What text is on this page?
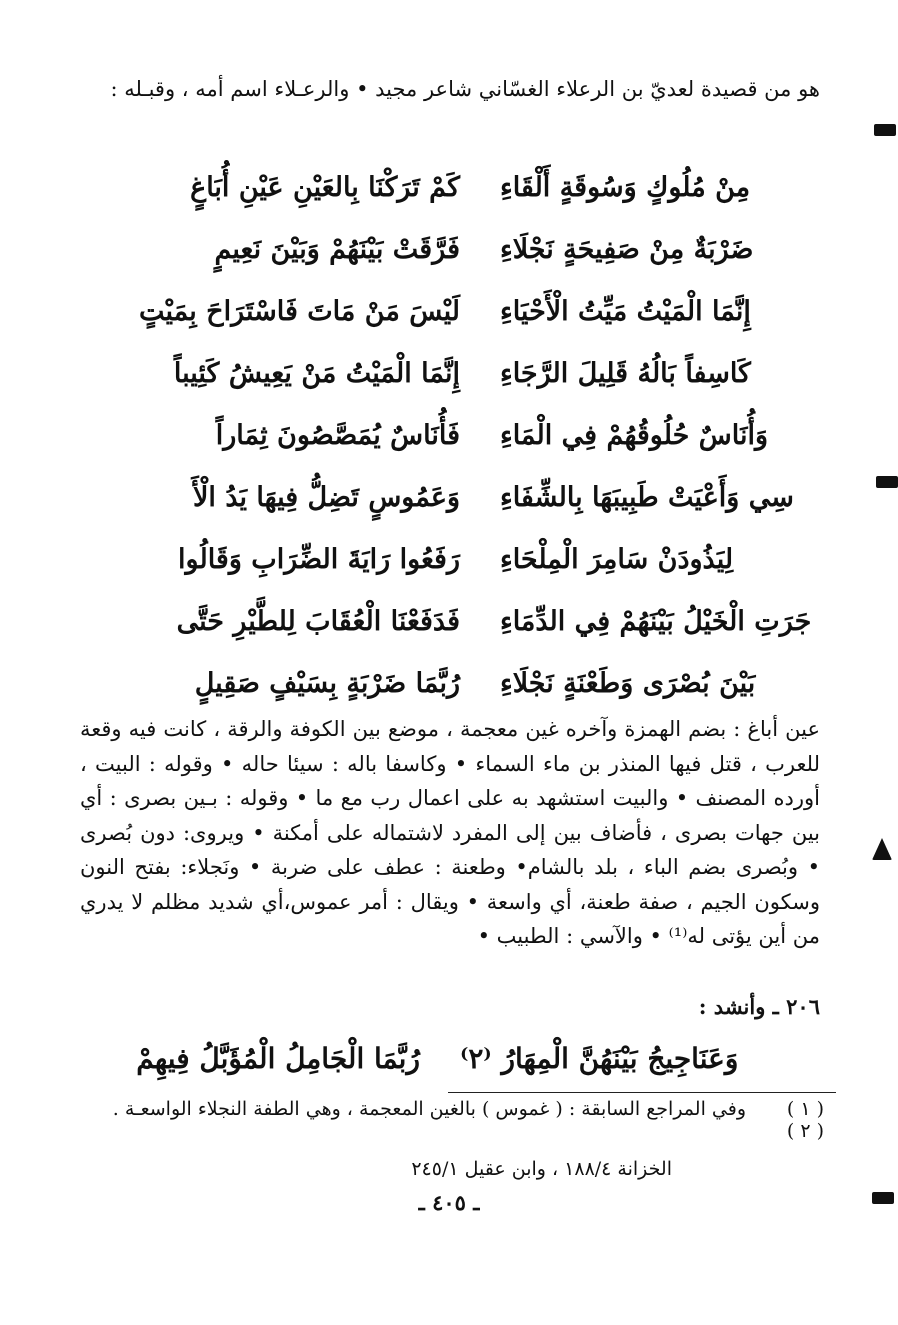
هو من قصيدة لعديّ بن الرعلاء الغسّاني شاعر مجيد • والرعـلاء اسم أمه ، وقبـله :
كَمْ تَرَكْنَا بِالعَيْنِ عَيْنِ أُبَاغٍ مِنْ مُلُوكٍ وَسُوقَةٍ أَلْقَاءِ
فَرَّقَتْ بَيْنَهُمْ وَبَيْنَ نَعِيمٍ ضَرْبَةٌ مِنْ صَفِيحَةٍ نَجْلَاءِ
لَيْسَ مَنْ مَاتَ فَاسْتَرَاحَ بِمَيْتٍ إِنَّمَا الْمَيْتُ مَيِّتُ الْأَحْيَاءِ
إِنَّمَا الْمَيْتُ مَنْ يَعِيشُ كَئِيباً كَاسِفاً بَالُهُ قَلِيلَ الرَّجَاءِ
فَأُنَاسٌ يُمَصَّصُونَ ثِمَاراً وَأُنَاسٌ حُلُوقُهُمْ فِي الْمَاءِ
وَعَمُوسٍ تَضِلُّ فِيهَا يَدُ الْأَ سِي وَأَعْيَتْ طَبِيبَهَا بِالشِّفَاءِ
رَفَعُوا رَايَةَ الضِّرَابِ وَقَالُوا لِيَذُودَنْ سَامِرَ الْمِلْحَاءِ
فَدَفَعْنَا الْعُقَابَ لِلطَّيْرِ حَتَّى جَرَتِ الْخَيْلُ بَيْنَهُمْ فِي الدِّمَاءِ
رُبَّمَا ضَرْبَةٍ بِسَيْفٍ صَقِيلٍ بَيْنَ بُصْرَى وَطَعْنَةٍ نَجْلَاءِ
عين أباغ : بضم الهمزة وآخره غين معجمة ، موضع بين الكوفة والرقة ، كانت فيه وقعة للعرب ، قتل فيها المنذر بن ماء السماء • وكاسفا باله : سيئا حاله • وقوله : البيت ، أورده المصنف • والبيت استشهد به على اعمال رب مع ما • وقوله : بـين بصرى : أي بين جهات بصرى ، فأضاف بين إلى المفرد لاشتماله على أمكنة • ويروى: دون بُصرى • وبُصرى بضم الباء ، بلد بالشام• وطعنة : عطف على ضربة • ونَجلاء: بفتح النون وسكون الجيم ، صفة طعنة، أي واسعة • ويقال : أمر عموس،أي شديد مظلم لا يدري من أين يؤتى له⁽¹⁾ • والآسي : الطبيب •
٢٠٦ ـ وأنشد :
رُبَّمَا الْجَامِلُ الْمُؤَبَّلُ فِيهِمْ وَعَنَاجِيجُ بَيْنَهُنَّ الْمِهَارُ ⁽٢⁾
( ١ )
وفي المراجع السابقة : ( غموس ) بالغين المعجمة ، وهي الطفة النجلاء الواسعـة .
( ٢ )
الخزانة ١٨٨/٤ ، وابن عقيل ٢٤٥/١
ـ ٤٠٥ ـ
